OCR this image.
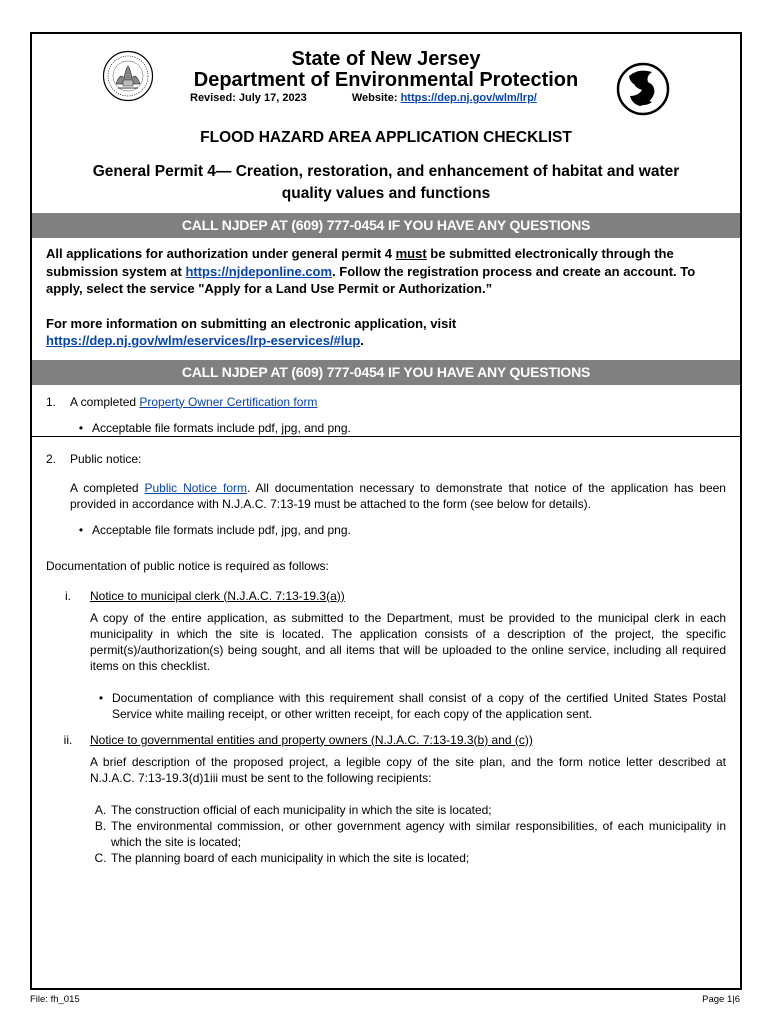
State of New Jersey
Department of Environmental Protection
Revised: July 17, 2023	Website: https://dep.nj.gov/wlm/lrp/
FLOOD HAZARD AREA APPLICATION CHECKLIST
General Permit 4— Creation, restoration, and enhancement of habitat and water quality values and functions
CALL NJDEP AT (609) 777-0454 IF YOU HAVE ANY QUESTIONS

All applications for authorization under general permit 4 must be submitted electronically through the submission system at https://njdeponline.com. Follow the registration process and create an account. To apply, select the service "Apply for a Land Use Permit or Authorization.”

For more information on submitting an electronic application, visit
https://dep.nj.gov/wlm/eservices/lrp-eservices/#lup.

CALL NJDEP AT (609) 777-0454 IF YOU HAVE ANY QUESTIONS
1.	A completed Property Owner Certification form
• Acceptable file formats include pdf, jpg, and png.
2.	Public notice:
A completed Public Notice form. All documentation necessary to demonstrate that notice of the application has been provided in accordance with N.J.A.C. 7:13-19 must be attached to the form (see below for details).
• Acceptable file formats include pdf, jpg, and png.
Documentation of public notice is required as follows:
i.	Notice to municipal clerk (N.J.A.C. 7:13-19.3(a))
A copy of the entire application, as submitted to the Department, must be provided to the municipal clerk in each municipality in which the site is located. The application consists of a description of the project, the specific permit(s)/authorization(s) being sought, and all items that will be uploaded to the online service, including all required items on this checklist.
• Documentation of compliance with this requirement shall consist of a copy of the certified United States Postal Service white mailing receipt, or other written receipt, for each copy of the application sent.
ii.	Notice to governmental entities and property owners (N.J.A.C. 7:13-19.3(b) and (c))
A brief description of the proposed project, a legible copy of the site plan, and the form notice letter described at N.J.A.C. 7:13-19.3(d)1iii must be sent to the following recipients:
A. The construction official of each municipality in which the site is located;
B. The environmental commission, or other government agency with similar responsibilities, of each municipality in which the site is located;
C. The planning board of each municipality in which the site is located;
File: fh_015	Page 1|6
